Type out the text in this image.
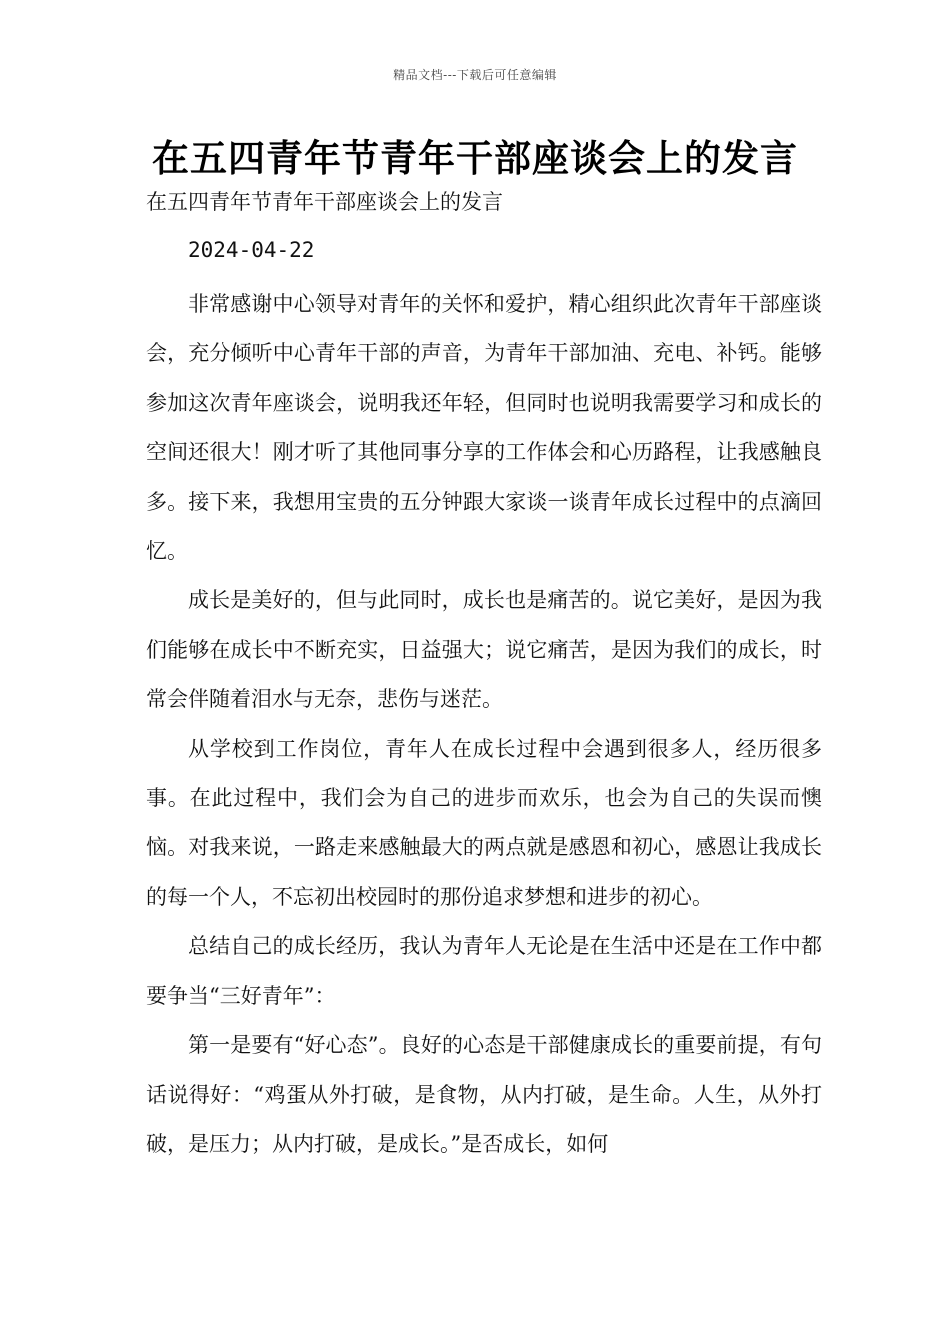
精品文档---下载后可任意编辑
在五四青年节青年干部座谈会上的发言
在五四青年节青年干部座谈会上的发言
2024-04-22

非常感谢中心领导对青年的关怀和爱护，精心组织此次青年干部座谈会，充分倾听中心青年干部的声音，为青年干部加油、充电、补钙。能够参加这次青年座谈会，说明我还年轻，但同时也说明我需要学习和成长的空间还很大！刚才听了其他同事分享的工作体会和心历路程，让我感触良多。接下来，我想用宝贵的五分钟跟大家谈一谈青年成长过程中的点滴回忆。

成长是美好的，但与此同时，成长也是痛苦的。说它美好，是因为我们能够在成长中不断充实，日益强大；说它痛苦，是因为我们的成长，时常会伴随着泪水与无奈，悲伤与迷茫。

从学校到工作岗位，青年人在成长过程中会遇到很多人，经历很多事。在此过程中，我们会为自己的进步而欢乐，也会为自己的失误而懊恼。对我来说，一路走来感触最大的两点就是感恩和初心，感恩让我成长的每一个人，不忘初出校园时的那份追求梦想和进步的初心。

总结自己的成长经历，我认为青年人无论是在生活中还是在工作中都要争当“三好青年”：

第一是要有“好心态”。良好的心态是干部健康成长的重要前提，有句话说得好：“鸡蛋从外打破，是食物，从内打破，是生命。人生，从外打破，是压力；从内打破，是成长。”是否成长，如何
